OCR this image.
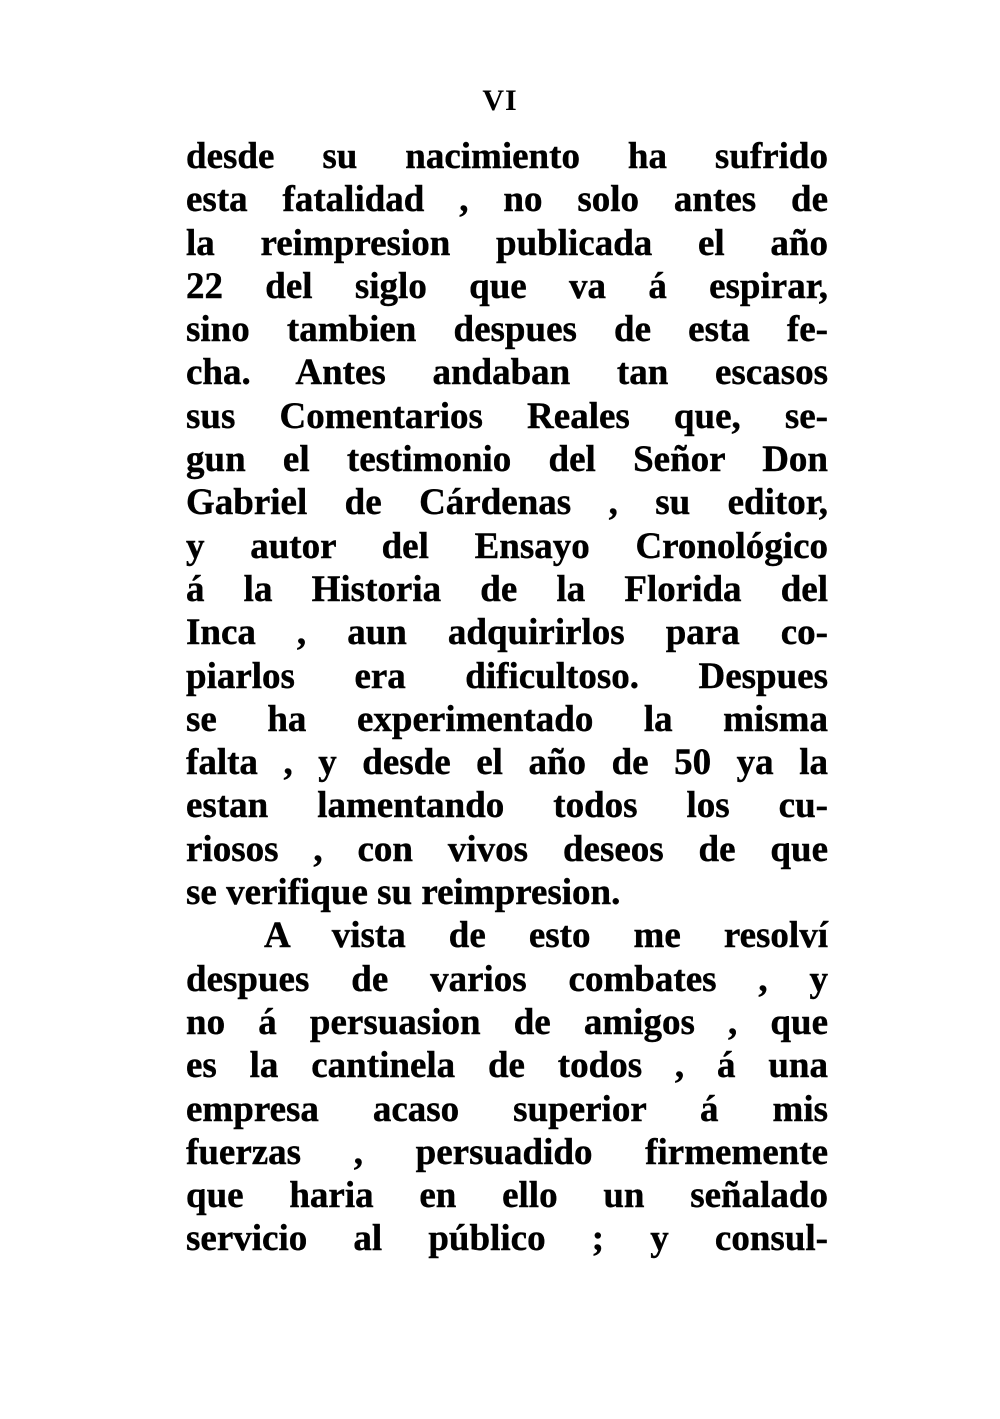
VI
desde su nacimiento ha sufrido
esta fatalidad , no solo antes de
la reimpresion publicada el año
22 del siglo que va á espirar,
sino tambien despues de esta fe-
cha. Antes andaban tan escasos
sus Comentarios Reales que, se-
gun el testimonio del Señor Don
Gabriel de Cárdenas , su editor,
y autor del Ensayo Cronológico
á la Historia de la Florida del
Inca , aun adquirirlos para co-
piarlos era dificultoso. Despues
se ha experimentado la misma
falta , y desde el año de 50 ya la
estan lamentando todos los cu-
riosos , con vivos deseos de que
se verifique su reimpresion.
A vista de esto me resolví
despues de varios combates , y
no á persuasion de amigos , que
es la cantinela de todos , á una
empresa acaso superior á mis
fuerzas , persuadido firmemente
que haria en ello un señalado
servicio al público ; y consul-
